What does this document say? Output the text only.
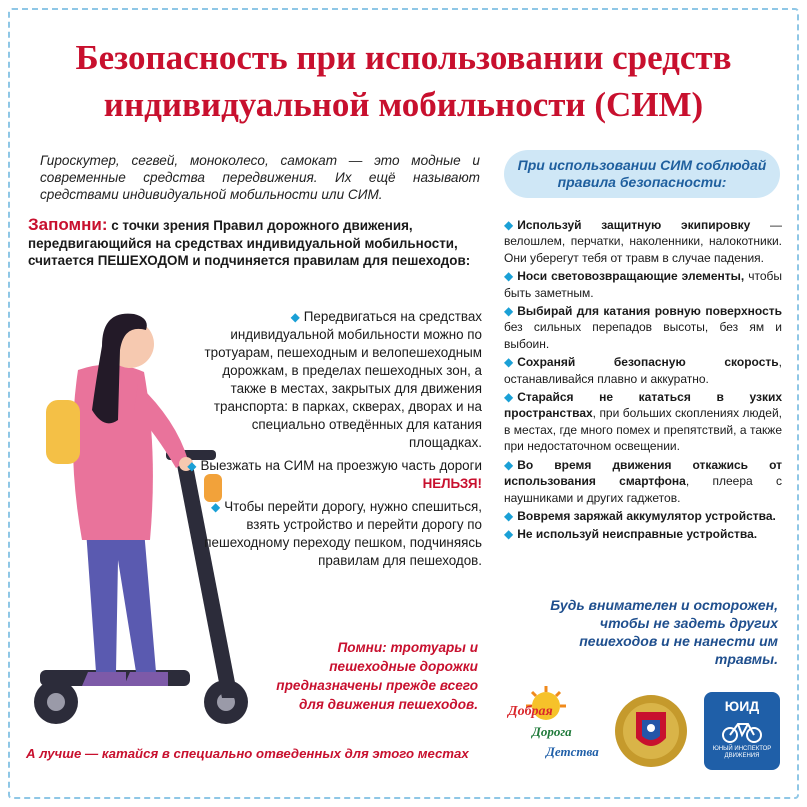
Безопасность при использовании средств
индивидуальной мобильности (СИМ)

Гироскутер, сегвей, моноколесо, самокат — это модные и современные средства передвижения. Их ещё называют средствами индивидуальной мобильности или СИМ.

Запомни: с точки зрения Правил дорожного движения, передвигающийся на средствах индивидуальной мобильности, считается ПЕШЕХОДОМ и подчиняется правилам для пешеходов:

◆ Передвигаться на средствах индивидуальной мобильности можно по тротуарам, пешеходным и велопешеходным дорожкам, в пределах пешеходных зон, а также в местах, закрытых для движения транспорта: в парках, скверах, дворах и на специально отведённых для катания площадках.

◆ Выезжать на СИМ на проезжую часть дороги НЕЛЬЗЯ!

◆ Чтобы перейти дорогу, нужно спешиться, взять устройство и перейти дорогу по пешеходному переходу пешком, подчиняясь правилам для пешеходов.

Помни: тротуары и пешеходные дорожки предназначены прежде всего для движения пешеходов.

А лучше — катайся в специально отведенных для этого местах

При использовании СИМ соблюдай правила безопасности:

◆ Используй защитную экипировку — велошлем, перчатки, наколенники, налокотники. Они уберегут тебя от травм в случае падения.

◆ Носи световозвращающие элементы, чтобы быть заметным.

◆ Выбирай для катания ровную поверхность без сильных перепадов высоты, без ям и выбоин.

◆ Сохраняй безопасную скорость, останавливайся плавно и аккуратно.

◆ Старайся не кататься в узких пространствах, при больших скоплениях людей, в местах, где много помех и препятствий, а также при недостаточном освещении.

◆ Во время движения откажись от использования смартфона, плеера с наушниками и других гаджетов.

◆ Вовремя заряжай аккумулятор устройства.

◆ Не используй неисправные устройства.

Будь внимателен и осторожен, чтобы не задеть других пешеходов и не нанести им травмы.

Добрая
Дорога
Детства
ЮИД
ЮНЫЙ ИНСПЕКТОР ДВИЖЕНИЯ
